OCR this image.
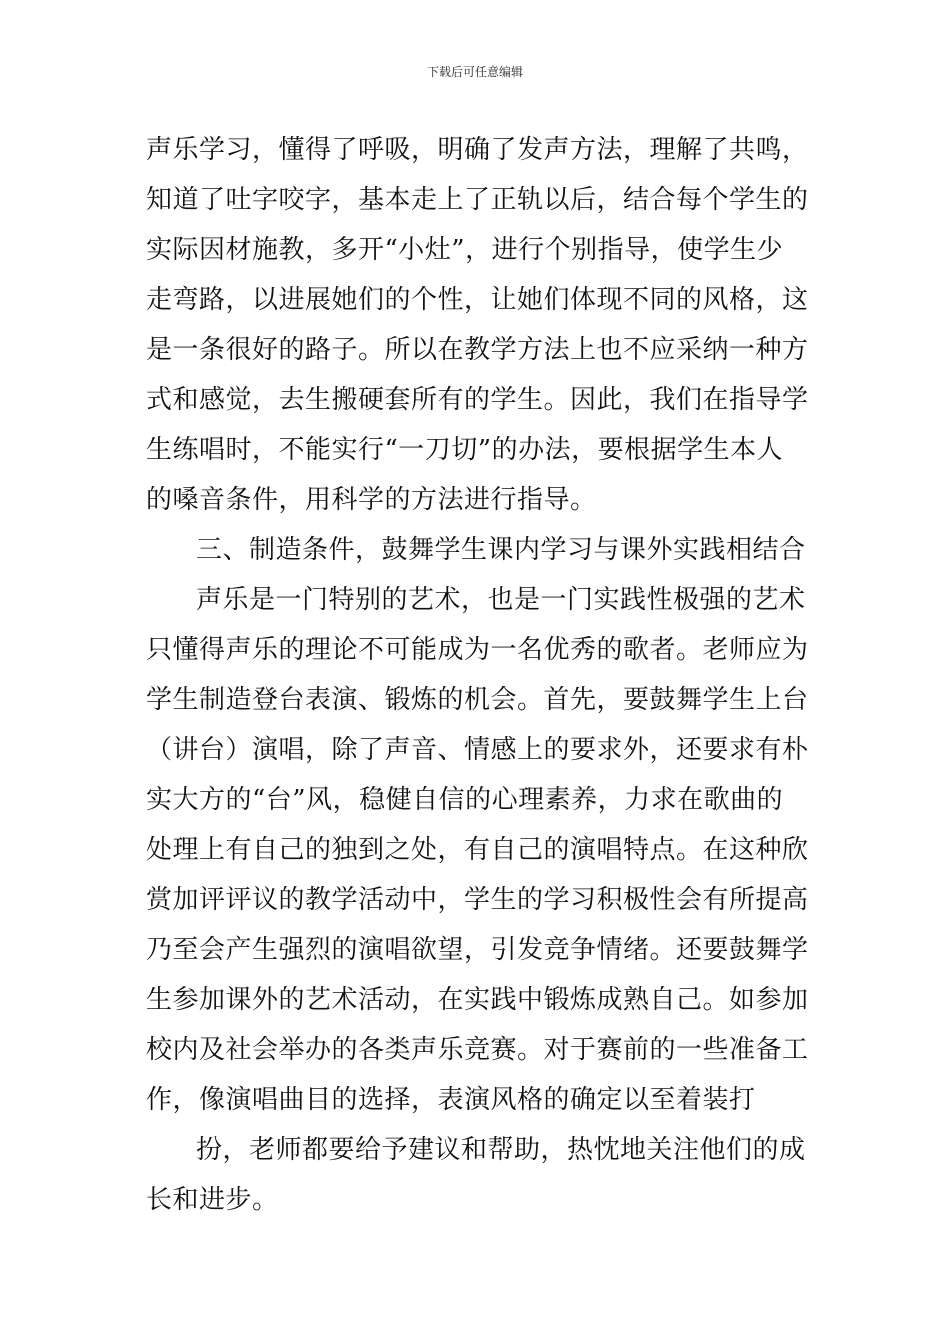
下载后可任意编辑
声乐学习，懂得了呼吸，明确了发声方法，理解了共鸣，
知道了吐字咬字，基本走上了正轨以后，结合每个学生的
实际因材施教，多开“小灶”，进行个别指导，使学生少
走弯路，以进展她们的个性，让她们体现不同的风格，这
是一条很好的路子。所以在教学方法上也不应采纳一种方
式和感觉，去生搬硬套所有的学生。因此，我们在指导学
生练唱时，不能实行“一刀切”的办法，要根据学生本人
的嗓音条件，用科学的方法进行指导。
三、制造条件，鼓舞学生课内学习与课外实践相结合
声乐是一门特别的艺术，也是一门实践性极强的艺术
只懂得声乐的理论不可能成为一名优秀的歌者。老师应为
学生制造登台表演、锻炼的机会。首先，要鼓舞学生上台
（讲台）演唱，除了声音、情感上的要求外，还要求有朴
实大方的“台”风，稳健自信的心理素养，力求在歌曲的
处理上有自己的独到之处，有自己的演唱特点。在这种欣
赏加评评议的教学活动中，学生的学习积极性会有所提高
乃至会产生强烈的演唱欲望，引发竞争情绪。还要鼓舞学
生参加课外的艺术活动，在实践中锻炼成熟自己。如参加
校内及社会举办的各类声乐竞赛。对于赛前的一些准备工
作，像演唱曲目的选择，表演风格的确定以至着装打
扮，老师都要给予建议和帮助，热忱地关注他们的成
长和进步。
